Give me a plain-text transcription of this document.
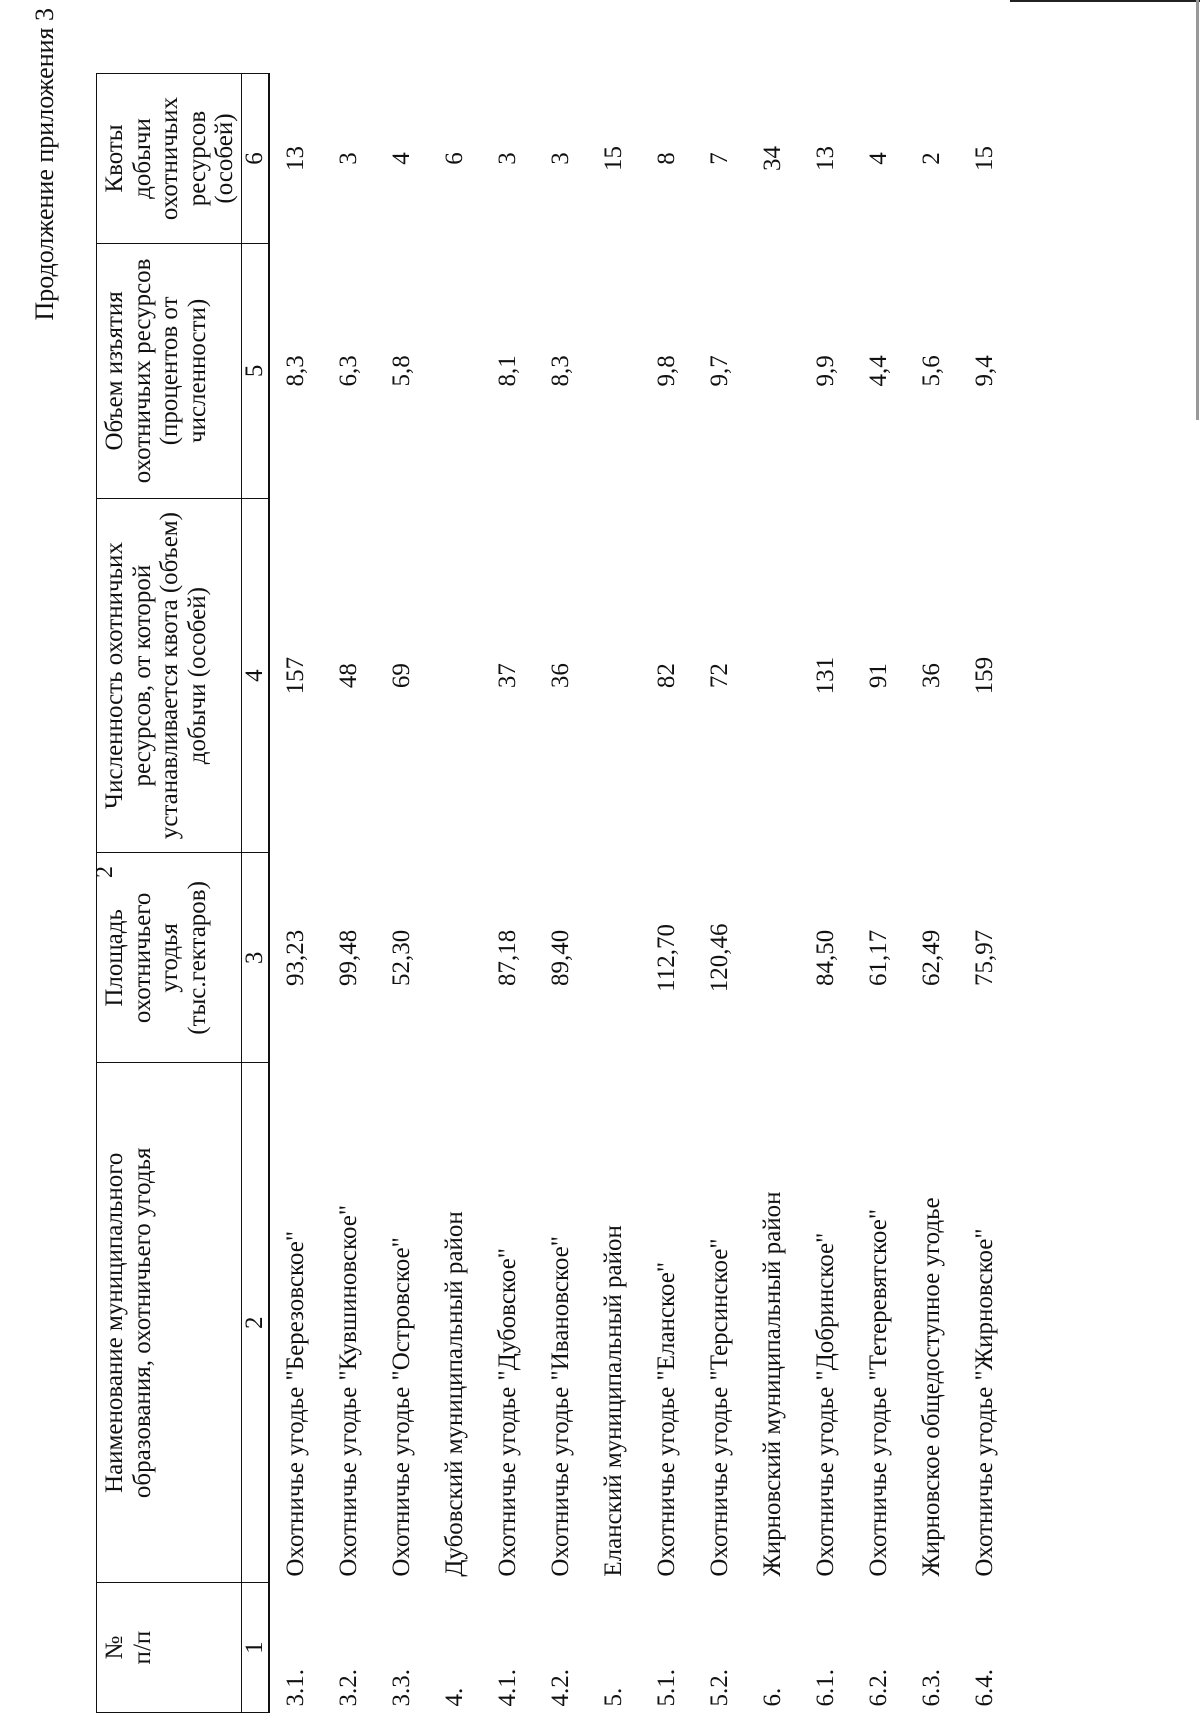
2
Продолжение приложения 3
№ п/п	Наименование муниципального образования, охотничьего угодья	Площадь охотничьего угодья (тыс.гектаров)	Численность охотничьих ресурсов, от которой устанавливается квота (объем) добычи (особей)	Объем изъятия охотничьих ресурсов (процентов от численности)	Квоты добычи охотничьих ресурсов (особей)
1	2	3	4	5	6
3.1.	Охотничье угодье "Березовское"	93,23	157	8,3	13
3.2.	Охотничье угодье "Кувшиновское"	99,48	48	6,3	3
3.3.	Охотничье угодье "Островское"	52,30	69	5,8	4
4.	Дубовский муниципальный район				6
4.1.	Охотничье угодье "Дубовское"	87,18	37	8,1	3
4.2.	Охотничье угодье "Ивановское"	89,40	36	8,3	3
5.	Еланский муниципальный район				15
5.1.	Охотничье угодье "Еланское"	112,70	82	9,8	8
5.2.	Охотничье угодье "Терсинское"	120,46	72	9,7	7
6.	Жирновский муниципальный район				34
6.1.	Охотничье угодье "Добринское"	84,50	131	9,9	13
6.2.	Охотничье угодье "Тетеревятское"	61,17	91	4,4	4
6.3.	Жирновское общедоступное угодье	62,49	36	5,6	2
6.4.	Охотничье угодье "Жирновское"	75,97	159	9,4	15
